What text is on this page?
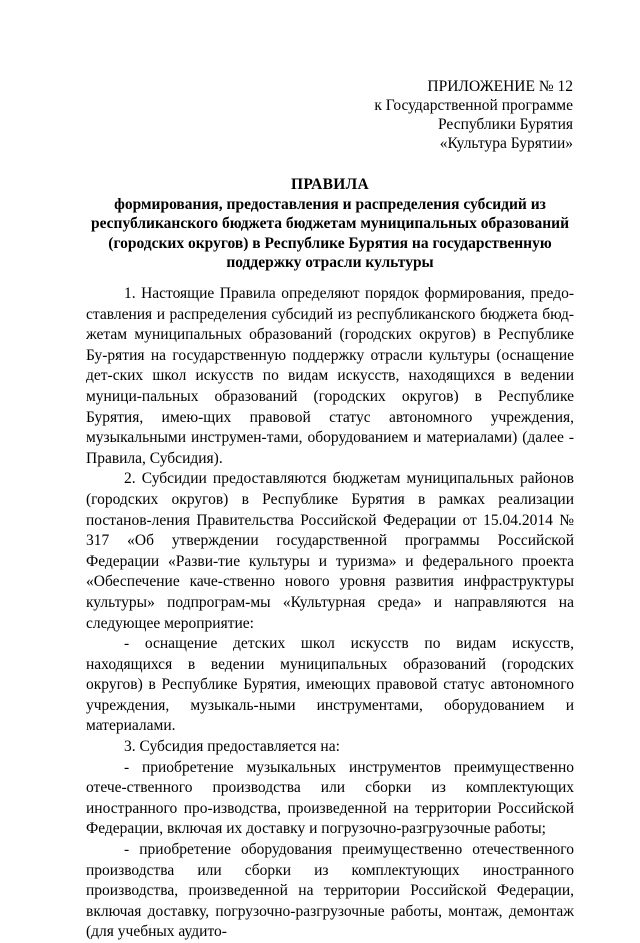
ПРИЛОЖЕНИЕ № 12
к Государственной программе
Республики Бурятия
«Культура Бурятии»
ПРАВИЛА
формирования, предоставления и распределения субсидий из
республиканского бюджета бюджетам муниципальных образований
(городских округов) в Республике Бурятия на государственную
поддержку отрасли культуры

1. Настоящие Правила определяют порядок формирования, предо-ставления и распределения субсидий из республиканского бюджета бюд-жетам муниципальных образований (городских округов) в Республике Бу-рятия на государственную поддержку отрасли культуры (оснащение дет-ских школ искусств по видам искусств, находящихся в ведении муници-пальных образований (городских округов) в Республике Бурятия, имею-щих правовой статус автономного учреждения, музыкальными инструмен-тами, оборудованием и материалами) (далее - Правила, Субсидия).

2. Субсидии предоставляются бюджетам муниципальных районов (городских округов) в Республике Бурятия в рамках реализации постанов-ления Правительства Российской Федерации от 15.04.2014 № 317 «Об утверждении государственной программы Российской Федерации «Разви-тие культуры и туризма» и федерального проекта «Обеспечение каче-ственно нового уровня развития инфраструктуры культуры» подпрограм-мы «Культурная среда» и направляются на следующее мероприятие:

- оснащение детских школ искусств по видам искусств, находящихся в ведении муниципальных образований (городских округов) в Республике Бурятия, имеющих правовой статус автономного учреждения, музыкаль-ными инструментами, оборудованием и материалами.

3. Субсидия предоставляется на:

- приобретение музыкальных инструментов преимущественно отече-ственного производства или сборки из комплектующих иностранного про-изводства, произведенной на территории Российской Федерации, включая их доставку и погрузочно-разгрузочные работы;

- приобретение оборудования преимущественно отечественного производства или сборки из комплектующих иностранного производства, произведенной на территории Российской Федерации, включая доставку, погрузочно-разгрузочные работы, монтаж, демонтаж (для учебных аудито-
